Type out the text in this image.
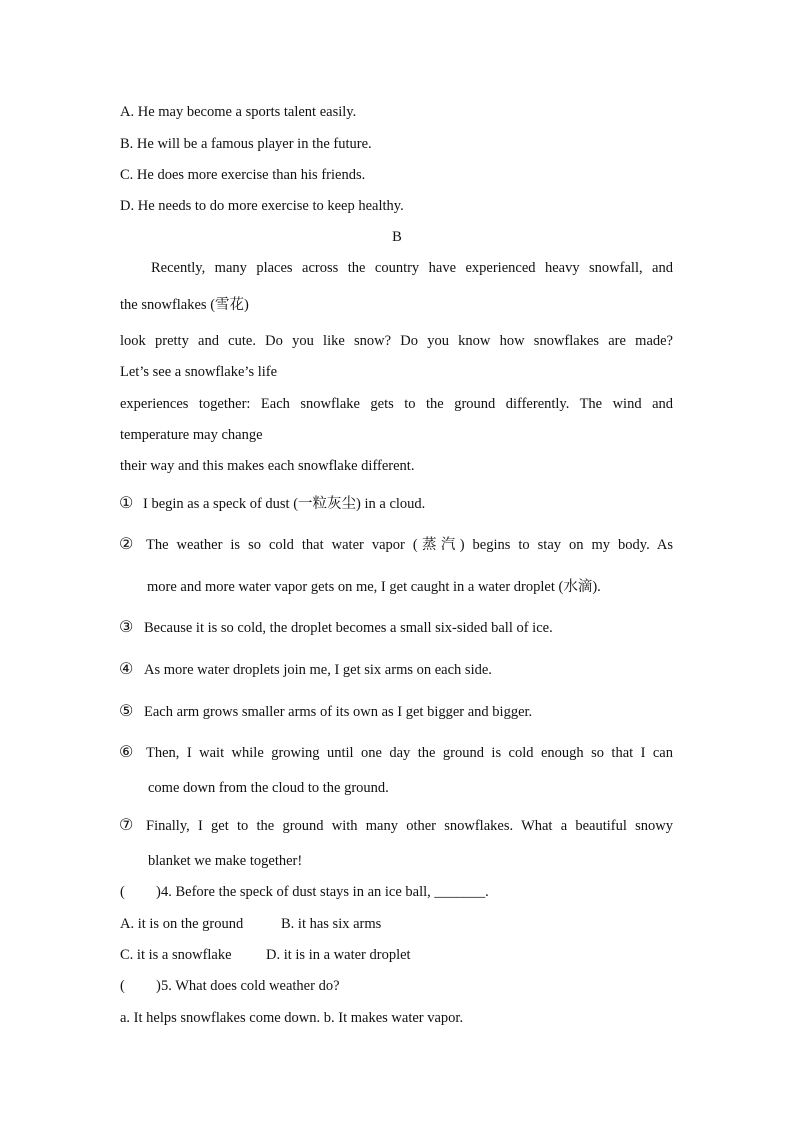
A. He may become a sports talent easily.
B. He will be a famous player in the future.
C. He does more exercise than his friends.
D. He needs to do more exercise to keep healthy.
B
Recently, many places across the country have experienced heavy snowfall, and
the snowflakes (雪花)
look pretty and cute. Do you like snow? Do you know how snowflakes are made?
Let’s see a snowflake’s life
experiences together: Each snowflake gets to the ground differently. The wind and
temperature may change
their way and this makes each snowflake different.
① I begin as a speck of dust (一粒灰尘) in a cloud.
② The weather is so cold that water vapor (蒸汽) begins to stay on my body. As
more and more water vapor gets on me, I get caught in a water droplet (水滴).
③ Because it is so cold, the droplet becomes a small six-sided ball of ice.
④ As more water droplets join me, I get six arms on each side.
⑤ Each arm grows smaller arms of its own as I get bigger and bigger.
⑥ Then, I wait while growing until one day the ground is cold enough so that I can
come down from the cloud to the ground.
⑦ Finally, I get to the ground with many other snowflakes. What a beautiful snowy
blanket we make together!
( ) 4. Before the speck of dust stays in an ice ball, _______.
A. it is on the ground	B. it has six arms
C. it is a snowflake D. it is in a water droplet
( ) 5. What does cold weather do?
a. It helps snowflakes come down. b. It makes water vapor.
